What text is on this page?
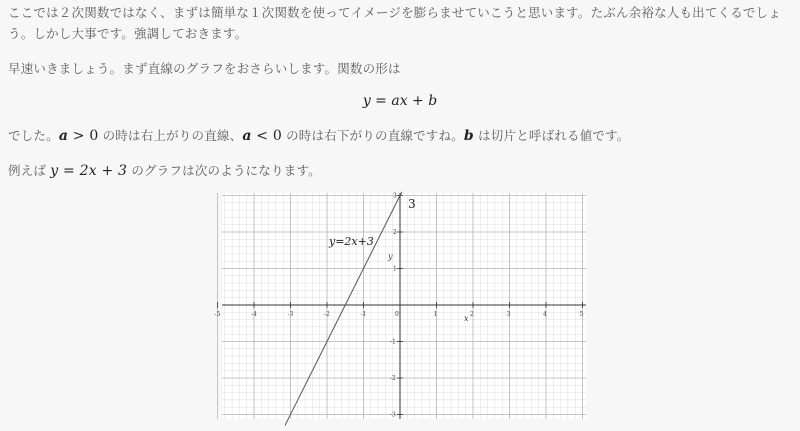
ここでは２次関数ではなく、まずは簡単な１次関数を使ってイメージを膨らませていこうと思います。たぶん余裕な人も出てくるでしょう。しかし大事です。強調しておきます。

早速いきましょう。まず直線のグラフをおさらいします。関数の形は

y = ax + b

でした。a > 0 の時は右上がりの直線、a < 0 の時は右下がりの直線ですね。b は切片と呼ばれる値です。

例えば y = 2x + 3 のグラフは次のようになります。

-5	-4	-3	-2	-1	0	1	2	3	4	5
3
2
1
-1
-2
-3
y=2x+3
3
x
y
